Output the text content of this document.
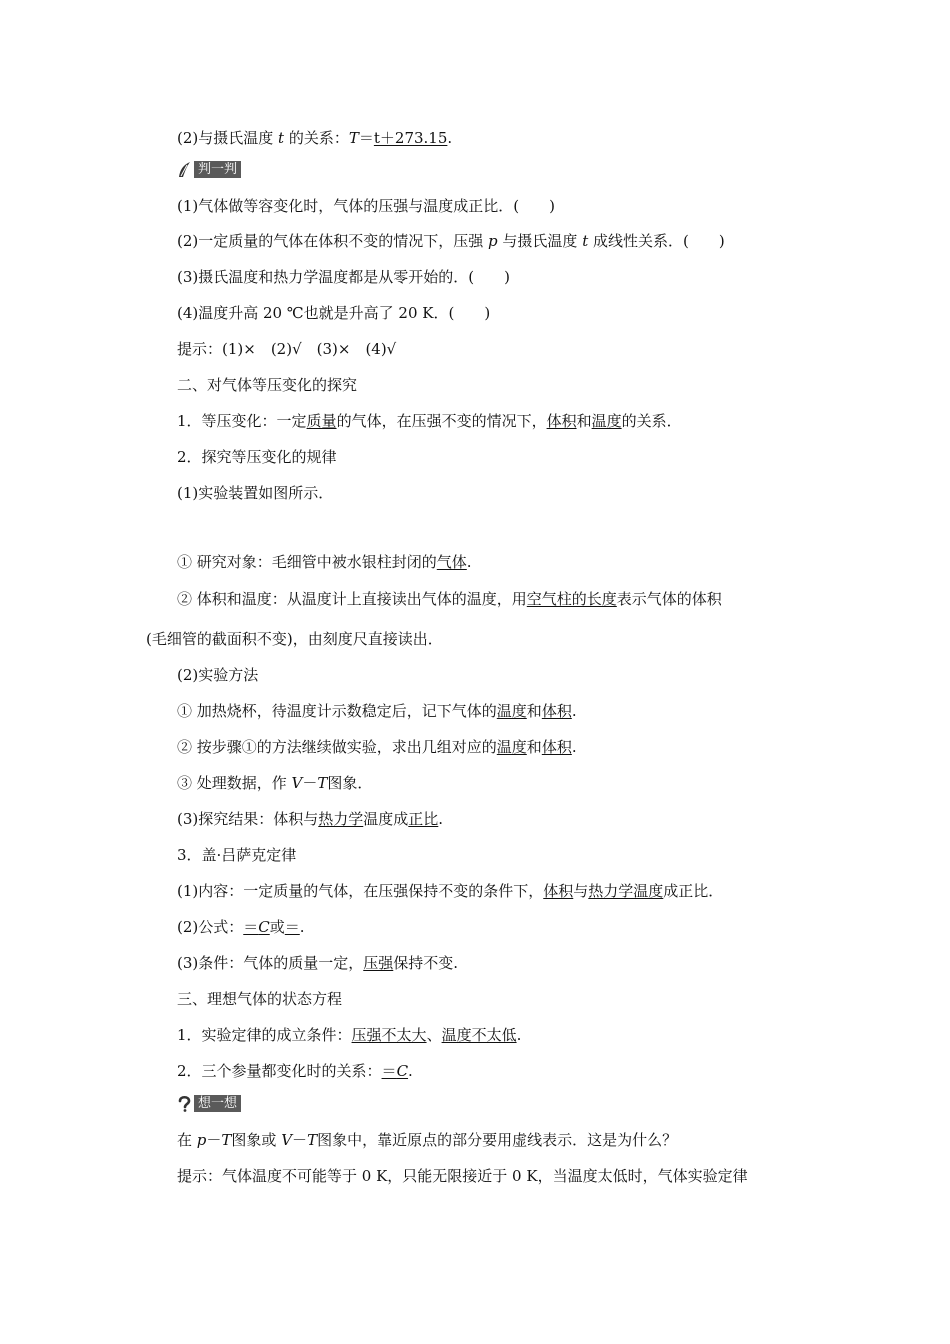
(2)与摄氏温度 t 的关系：T＝t＋273.15.
判一判
(1)气体做等容变化时，气体的压强与温度成正比．(　　)
(2)一定质量的气体在体积不变的情况下，压强 p 与摄氏温度 t 成线性关系．(　　)
(3)摄氏温度和热力学温度都是从零开始的．(　　)
(4)温度升高 20 ℃也就是升高了 20 K．(　　)
提示：(1)×　(2)√　(3)×　(4)√
二、对气体等压变化的探究
1．等压变化：一定质量的气体，在压强不变的情况下，体积和温度的关系．
2．探究等压变化的规律
(1)实验装置如图所示．
① 研究对象：毛细管中被水银柱封闭的气体.
② 体积和温度：从温度计上直接读出气体的温度，用空气柱的长度表示气体的体积
(毛细管的截面积不变)，由刻度尺直接读出．
(2)实验方法
① 加热烧杯，待温度计示数稳定后，记下气体的温度和体积.
② 按步骤①的方法继续做实验，求出几组对应的温度和体积.
③ 处理数据，作 V－T图象．
(3)探究结果：体积与热力学温度成正比.
3．盖·吕萨克定律
(1)内容：一定质量的气体，在压强保持不变的条件下，体积与热力学温度成正比．
(2)公式：＝C或＝.
(3)条件：气体的质量一定，压强保持不变.
三、理想气体的状态方程
1．实验定律的成立条件：压强不太大、温度不太低.
2．三个参量都变化时的关系：＝C.
想一想
在 p－T图象或 V－T图象中，靠近原点的部分要用虚线表示．这是为什么？
提示：气体温度不可能等于 0 K，只能无限接近于 0 K，当温度太低时，气体实验定律
